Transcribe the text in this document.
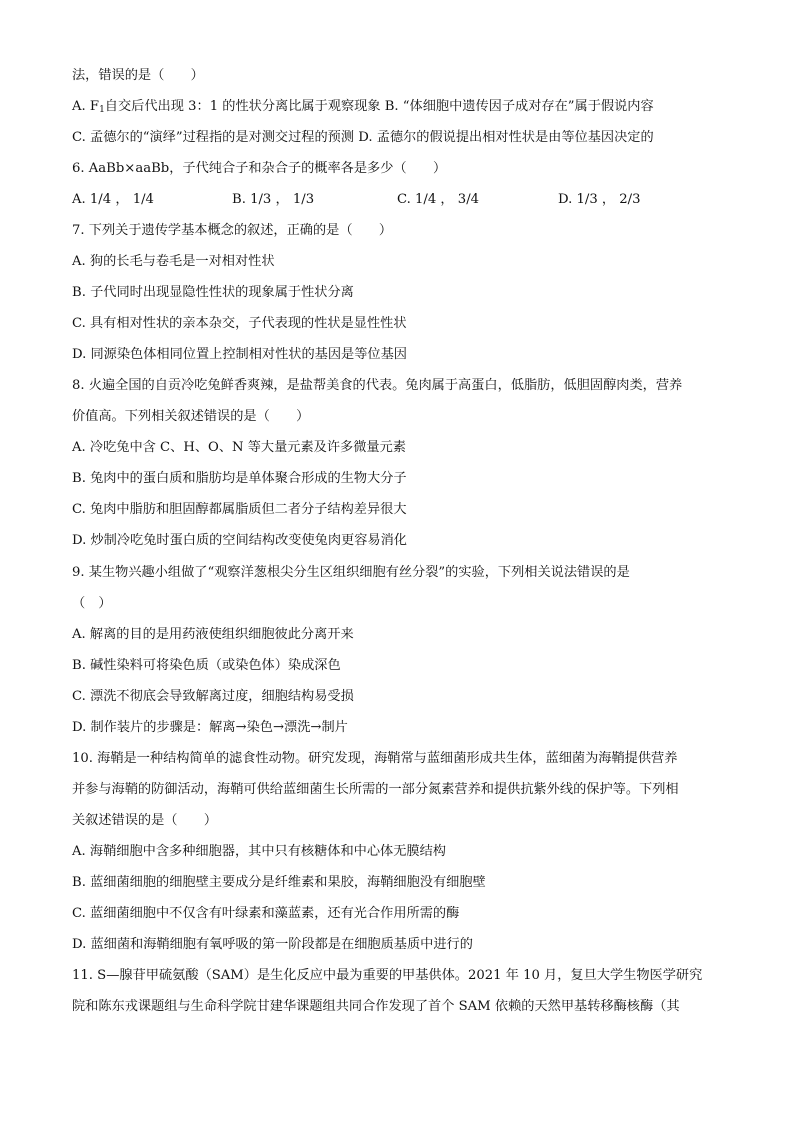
法，错误的是（　　）
A. $F_1$自交后代出现 3：1 的性状分离比属于观察现象 B. “体细胞中遗传因子成对存在”属于假说内容
C. 孟德尔的“演绎”过程指的是对测交过程的预测 D. 孟德尔的假说提出相对性状是由等位基因决定的
6. AaBb×aaBb，子代纯合子和杂合子的概率各是多少（　　）
A. 1/4 ， 1/4	B. 1/3 ， 1/3	C. 1/4 ， 3/4	D. 1/3 ， 2/3
7. 下列关于遗传学基本概念的叙述，正确的是（　　）
A. 狗的长毛与卷毛是一对相对性状
B. 子代同时出现显隐性性状的现象属于性状分离
C. 具有相对性状的亲本杂交，子代表现的性状是显性性状
D. 同源染色体相同位置上控制相对性状的基因是等位基因
8. 火遍全国的自贡冷吃兔鲜香爽辣，是盐帮美食的代表。兔肉属于高蛋白，低脂肪，低胆固醇肉类，营养
价值高。下列相关叙述错误的是（　　）
A. 冷吃兔中含 C、H、O、N 等大量元素及许多微量元素
B. 兔肉中的蛋白质和脂肪均是单体聚合形成的生物大分子
C. 兔肉中脂肪和胆固醇都属脂质但二者分子结构差异很大
D. 炒制冷吃兔时蛋白质的空间结构改变使兔肉更容易消化
9. 某生物兴趣小组做了“观察洋葱根尖分生区组织细胞有丝分裂”的实验，下列相关说法错误的是
（　）
A. 解离的目的是用药液使组织细胞彼此分离开来
B. 碱性染料可将染色质（或染色体）染成深色
C. 漂洗不彻底会导致解离过度，细胞结构易受损
D. 制作装片的步骤是：解离→染色→漂洗→制片
10. 海鞘是一种结构简单的滤食性动物。研究发现，海鞘常与蓝细菌形成共生体，蓝细菌为海鞘提供营养
并参与海鞘的防御活动，海鞘可供给蓝细菌生长所需的一部分氮素营养和提供抗紫外线的保护等。下列相
关叙述错误的是（　　）
A. 海鞘细胞中含多种细胞器，其中只有核糖体和中心体无膜结构
B. 蓝细菌细胞的细胞壁主要成分是纤维素和果胶，海鞘细胞没有细胞壁
C. 蓝细菌细胞中不仅含有叶绿素和藻蓝素，还有光合作用所需的酶
D. 蓝细菌和海鞘细胞有氧呼吸的第一阶段都是在细胞质基质中进行的
11. S—腺苷甲硫氨酸（SAM）是生化反应中最为重要的甲基供体。2021 年 10 月，复旦大学生物医学研究
院和陈东戎课题组与生命科学院甘建华课题组共同合作发现了首个 SAM 依赖的天然甲基转移酶核酶（其
